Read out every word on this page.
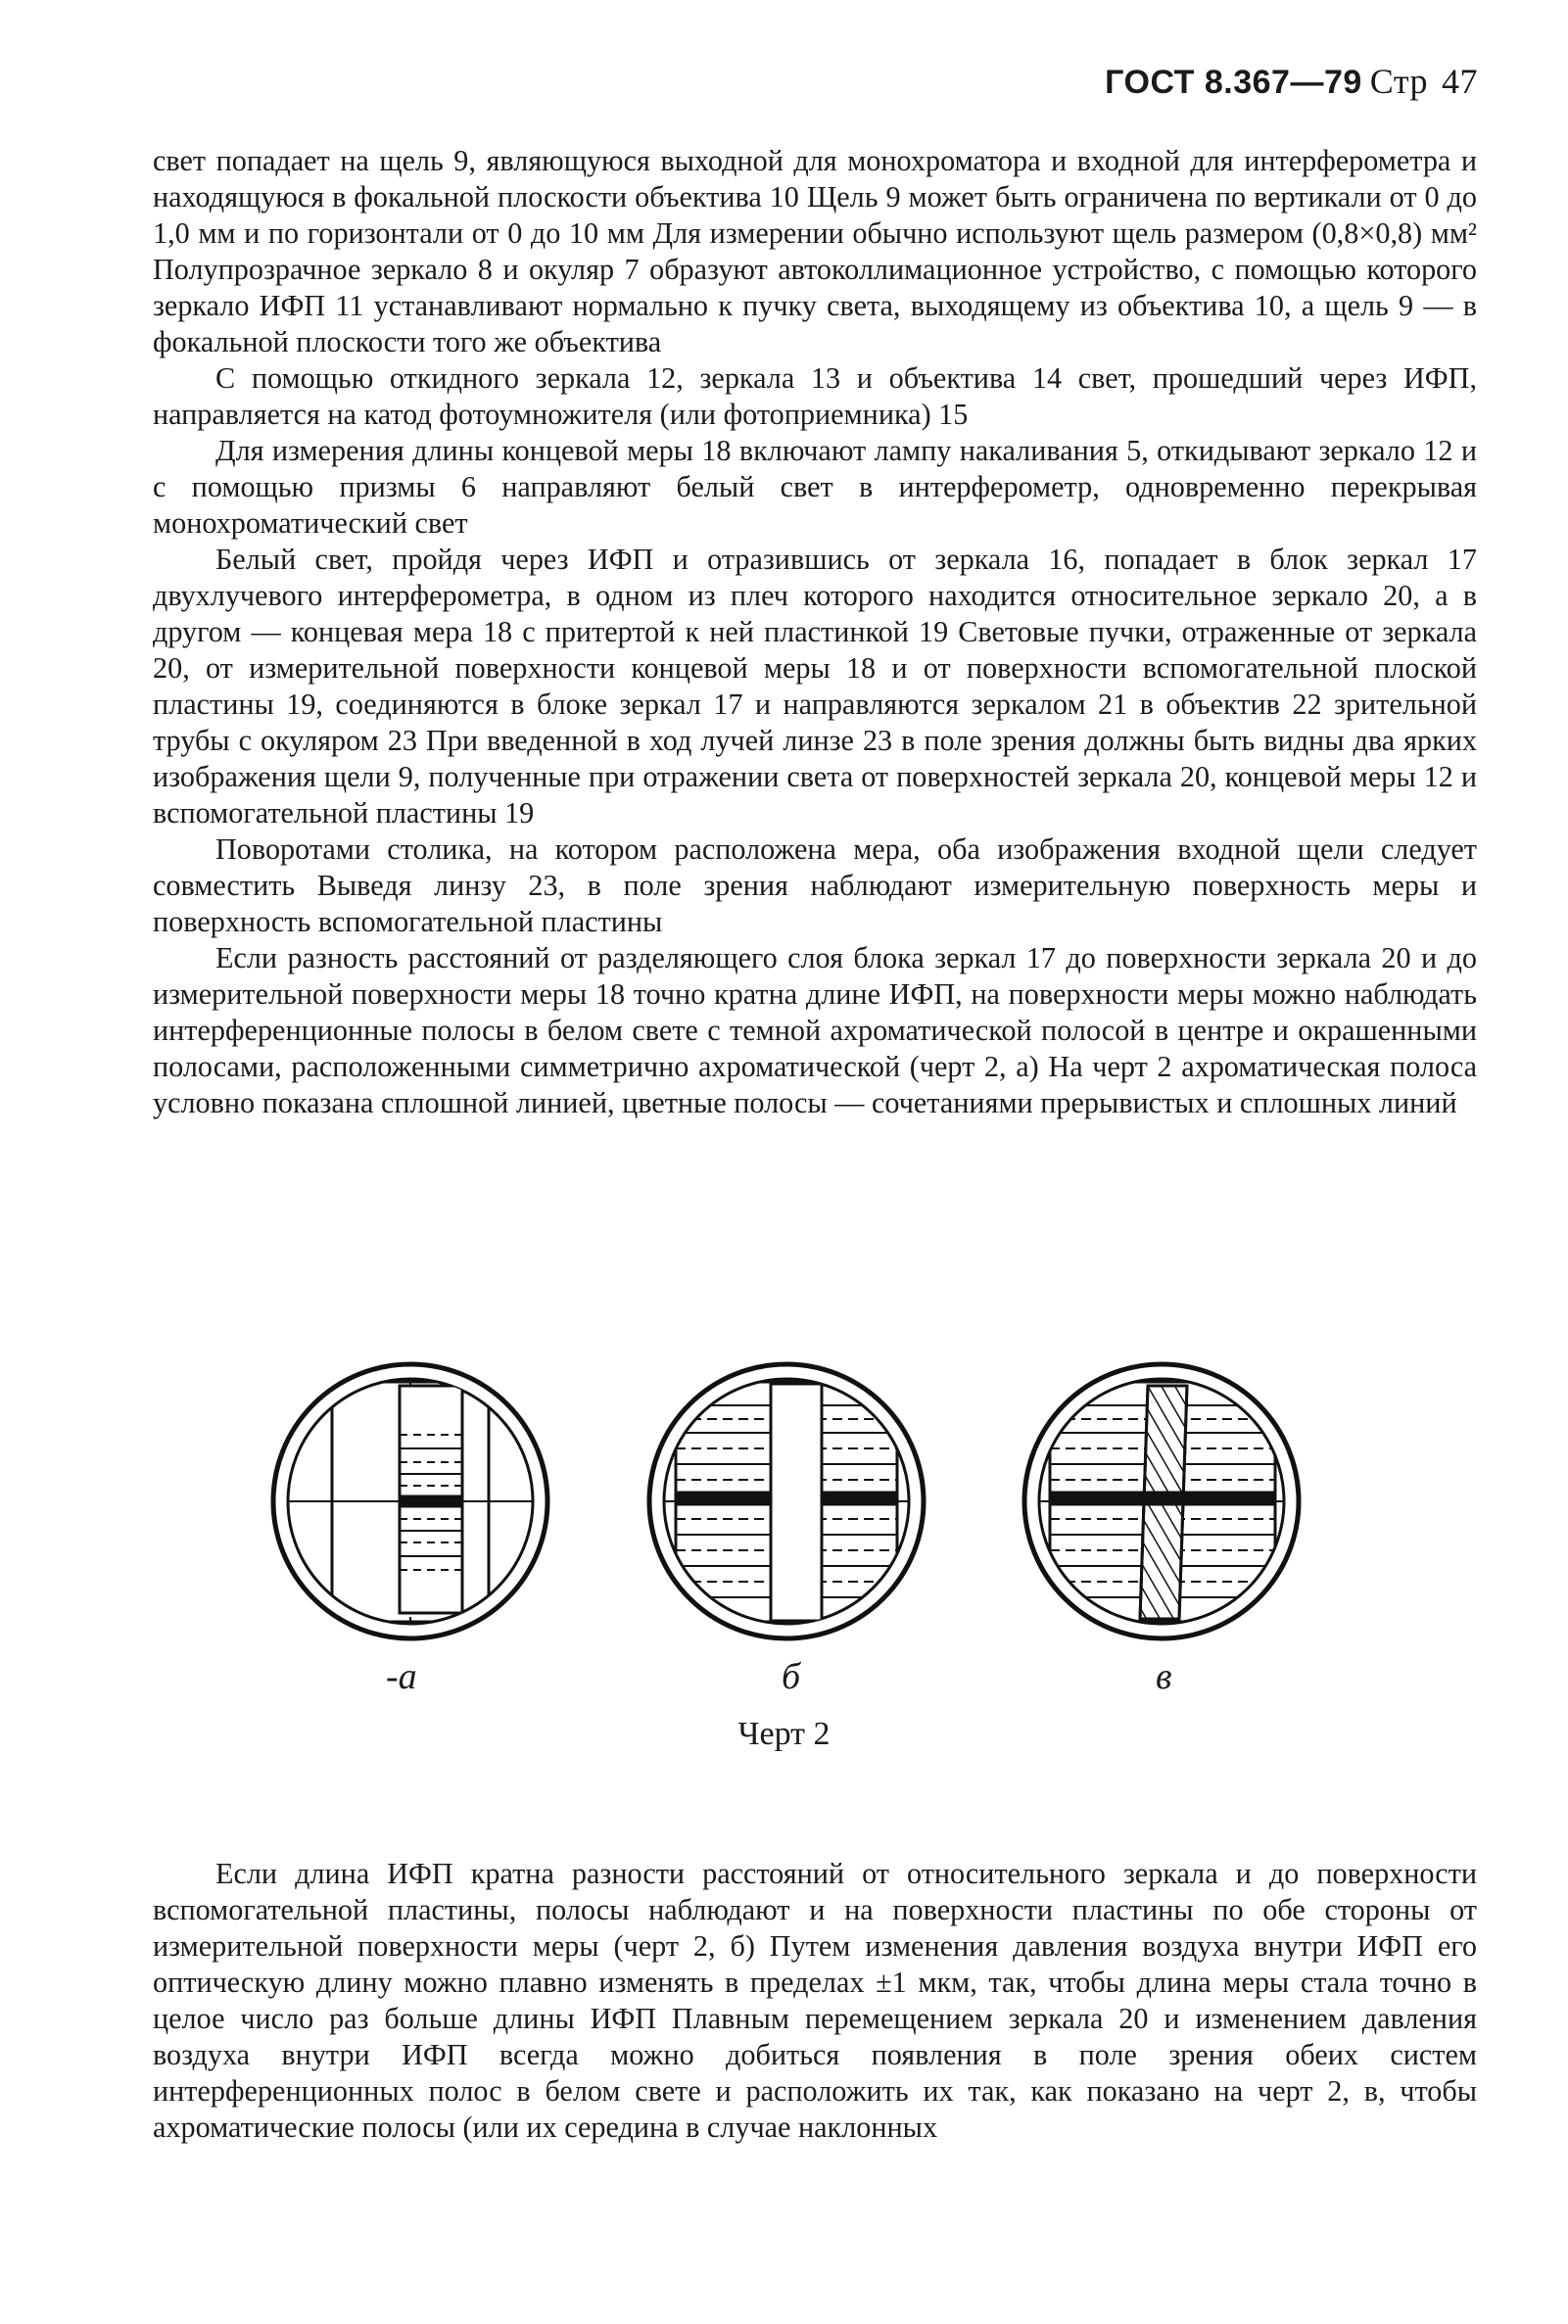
ГОСТ 8.367—79 Стр 47

свет попадает на щель 9, являющуюся выходной для монохроматора и входной для интерферометра и находящуюся в фокальной плоскости объектива 10 Щель 9 может быть ограничена по вертикали от 0 до 1,0 мм и по горизонтали от 0 до 10 мм Для измерении обычно используют щель размером (0,8×0,8) мм² Полупрозрачное зеркало 8 и окуляр 7 образуют автоколлимационное устройство, с помощью которого зеркало ИФП 11 устанавливают нормально к пучку света, выходящему из объектива 10, а щель 9 — в фокальной плоскости того же объектива

С помощью откидного зеркала 12, зеркала 13 и объектива 14 свет, прошедший через ИФП, направляется на катод фотоумножителя (или фотоприемника) 15

Для измерения длины концевой меры 18 включают лампу накаливания 5, откидывают зеркало 12 и с помощью призмы 6 направляют белый свет в интерферометр, одновременно перекрывая монохроматический свет

Белый свет, пройдя через ИФП и отразившись от зеркала 16, попадает в блок зеркал 17 двухлучевого интерферометра, в одном из плеч которого находится относительное зеркало 20, а в другом — концевая мера 18 с притертой к ней пластинкой 19 Световые пучки, отраженные от зеркала 20, от измерительной поверхности концевой меры 18 и от поверхности вспомогательной плоской пластины 19, соединяются в блоке зеркал 17 и направляются зеркалом 21 в объектив 22 зрительной трубы с окуляром 23 При введенной в ход лучей линзе 23 в поле зрения должны быть видны два ярких изображения щели 9, полученные при отражении света от поверхностей зеркала 20, концевой меры 12 и вспомогательной пластины 19

Поворотами столика, на котором расположена мера, оба изображения входной щели следует совместить Выведя линзу 23, в поле зрения наблюдают измерительную поверхность меры и поверхность вспомогательной пластины

Если разность расстояний от разделяющего слоя блока зеркал 17 до поверхности зеркала 20 и до измерительной поверхности меры 18 точно кратна длине ИФП, на поверхности меры можно наблюдать интерференционные полосы в белом свете с темной ахроматической полосой в центре и окрашенными полосами, расположенными симметрично ахроматической (черт 2, а) На черт 2 ахроматическая полоса условно показана сплошной линией, цветные полосы — сочетаниями прерывистых и сплошных линий

-а	б	в
Черт 2

Если длина ИФП кратна разности расстояний от относительного зеркала и до поверхности вспомогательной пластины, полосы наблюдают и на поверхности пластины по обе стороны от измерительной поверхности меры (черт 2, б) Путем изменения давления воздуха внутри ИФП его оптическую длину можно плавно изменять в пределах ±1 мкм, так, чтобы длина меры стала точно в целое число раз больше длины ИФП Плавным перемещением зеркала 20 и изменением давления воздуха внутри ИФП всегда можно добиться появления в поле зрения обеих систем интерференционных полос в белом свете и расположить их так, как показано на черт 2, в, чтобы ахроматические полосы (или их середина в случае наклонных
